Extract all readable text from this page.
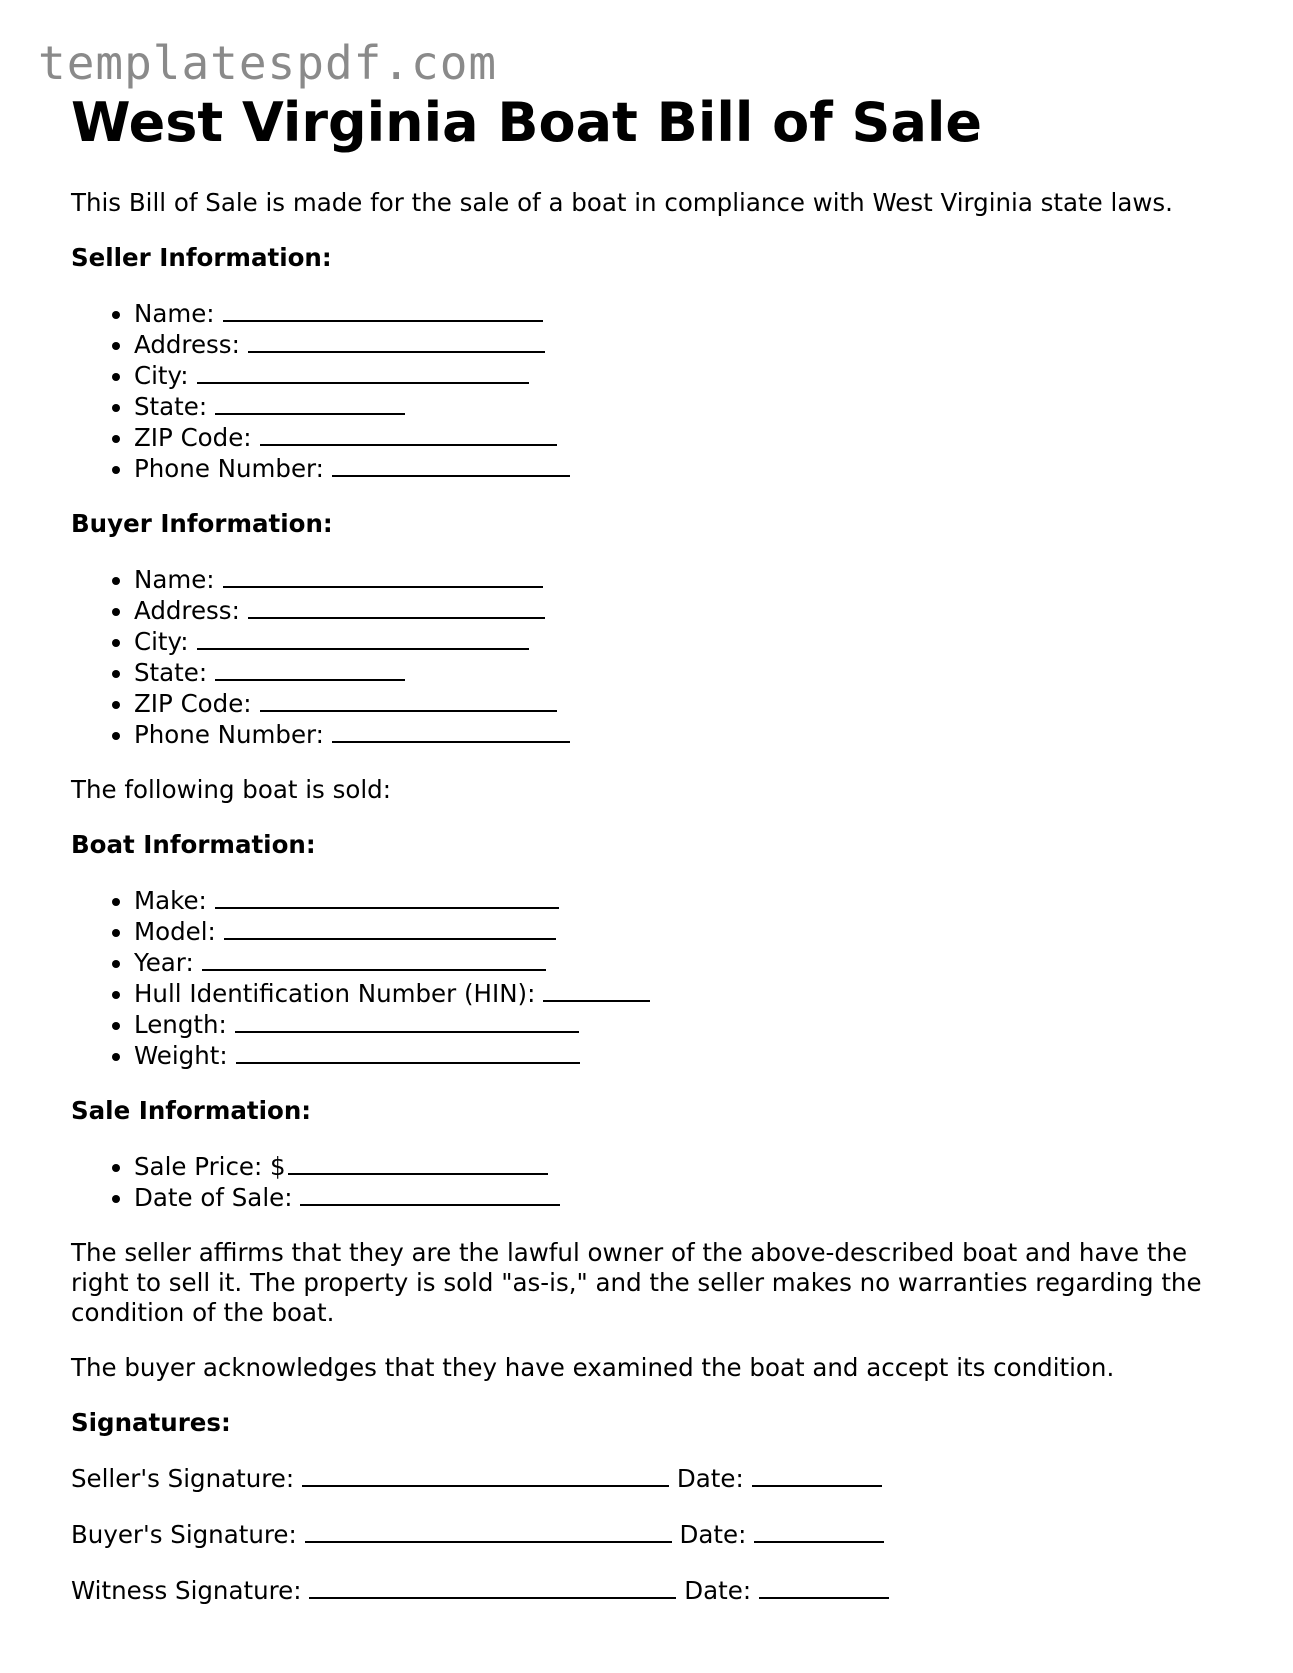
templatespdf.com
West Virginia Boat Bill of Sale

This Bill of Sale is made for the sale of a boat in compliance with West Virginia state laws.

Seller Information:

• Name:
• Address:
• City:
• State:
• ZIP Code:
• Phone Number:

Buyer Information:

• Name:
• Address:
• City:
• State:
• ZIP Code:
• Phone Number:

The following boat is sold:

Boat Information:

• Make:
• Model:
• Year:
• Hull Identification Number (HIN):
• Length:
• Weight:

Sale Information:

• Sale Price: $
• Date of Sale:

The seller affirms that they are the lawful owner of the above-described boat and have the right to sell it. The property is sold "as-is," and the seller makes no warranties regarding the condition of the boat.

The buyer acknowledges that they have examined the boat and accept its condition.

Signatures:

Seller's Signature:	Date:

Buyer's Signature:	Date:

Witness Signature:	Date:
